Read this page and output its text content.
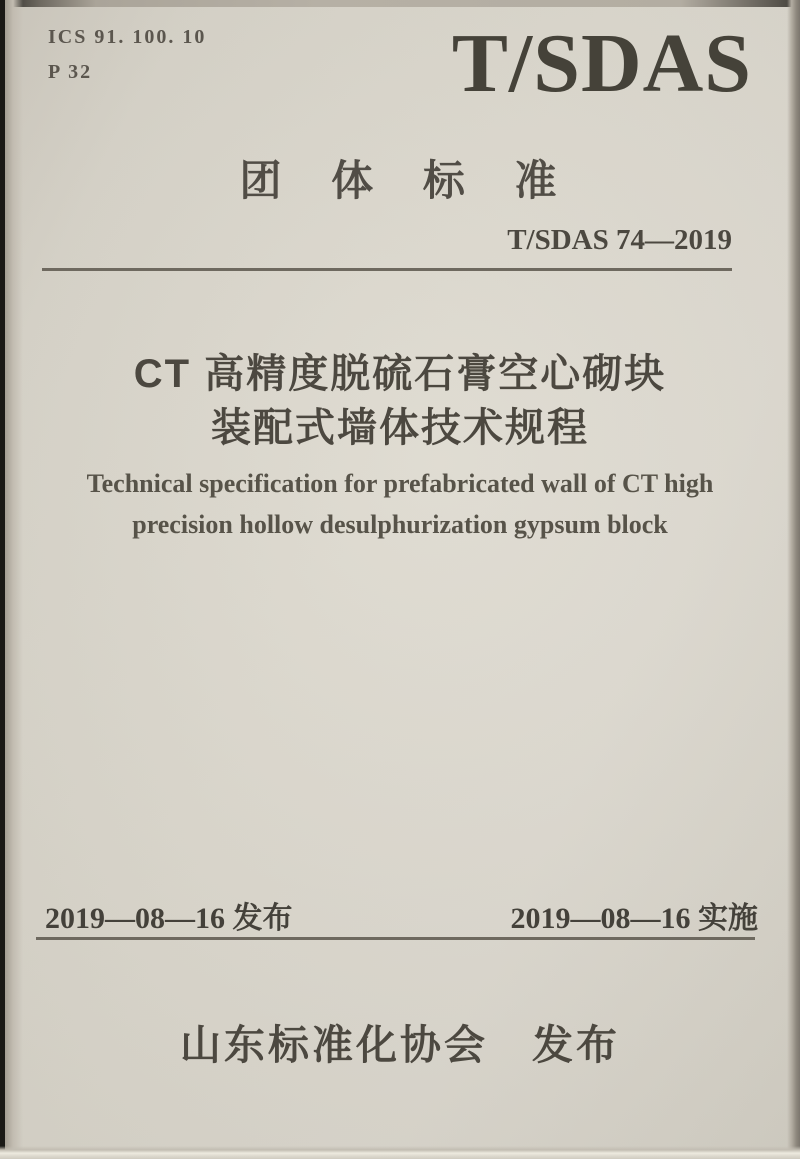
ICS 91. 100. 10
P 32	T/SDAS
团 体 标 准
T/SDAS 74—2019
CT 高精度脱硫石膏空心砌块
装配式墙体技术规程
Technical specification for prefabricated wall of CT high
precision hollow desulphurization gypsum block
2019—08—16 发布	2019—08—16 实施
山东标准化协会 发布
